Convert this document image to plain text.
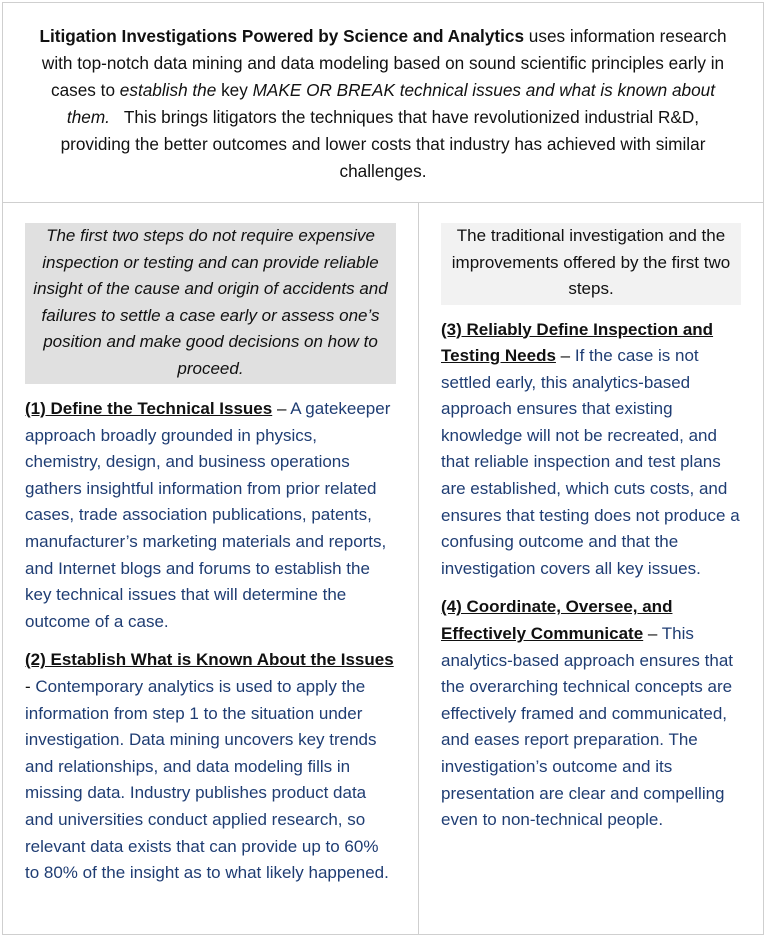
Litigation Investigations Powered by Science and Analytics uses information research with top-notch data mining and data modeling based on sound scientific principles early in cases to establish the key MAKE OR BREAK technical issues and what is known about them.   This brings litigators the techniques that have revolutionized industrial R&D, providing the better outcomes and lower costs that industry has achieved with similar challenges.
The first two steps do not require expensive inspection or testing and can provide reliable insight of the cause and origin of accidents and failures to settle a case early or assess one’s position and make good decisions on how to proceed.
(1) Define the Technical Issues – A gatekeeper approach broadly grounded in physics, chemistry, design, and business operations gathers insightful information from prior related cases, trade association publications, patents, manufacturer’s marketing materials and reports, and Internet blogs and forums to establish the key technical issues that will determine the outcome of a case.
(2) Establish What is Known About the Issues - Contemporary analytics is used to apply the information from step 1 to the situation under investigation. Data mining uncovers key trends and relationships, and data modeling fills in missing data. Industry publishes product data and universities conduct applied research, so relevant data exists that can provide up to 60% to 80% of the insight as to what likely happened.
The traditional investigation and the improvements offered by the first two steps.
(3) Reliably Define Inspection and Testing Needs – If the case is not settled early, this analytics-based approach ensures that existing knowledge will not be recreated, and that reliable inspection and test plans are established, which cuts costs, and ensures that testing does not produce a confusing outcome and that the investigation covers all key issues.
(4) Coordinate, Oversee, and Effectively Communicate – This analytics-based approach ensures that the overarching technical concepts are effectively framed and communicated, and eases report preparation. The investigation’s outcome and its presentation are clear and compelling even to non-technical people.
